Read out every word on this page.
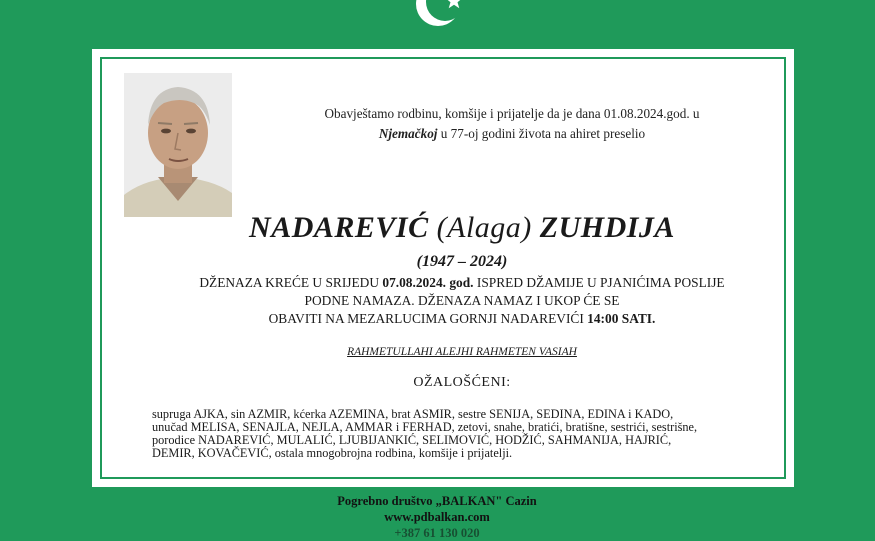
Obavještamo rodbinu, komšije i prijatelje da je dana 01.08.2024.god. u
Njemačkoj u 77-oj godini života na ahiret preselio
NADAREVIĆ (Alaga) ZUHDIJA
(1947 – 2024)
DŽENAZA KREĆE U SRIJEDU 07.08.2024. god. ISPRED DŽAMIJE U PJANIĆIMA POSLIJE
PODNE NAMAZA. DŽENAZA NAMAZ I UKOP ĆE SE
OBAVITI NA MEZARLUCIMA GORNJI NADAREVIĆI 14:00 SATI.
RAHMETULLAHI ALEJHI RAHMETEN VASIAH
OŽALOŠĆENI:
supruga AJKA, sin AZMIR, kćerka AZEMINA, brat ASMIR, sestre SENIJA, SEDINA, EDINA i KADO,
unučad MELISA, SENAJLA, NEJLA, AMMAR i FERHAD, zetovi, snahe, bratići, bratišne, sestrići, sestrišne,
porodice NADAREVIĆ, MULALIĆ, LJUBIJANKIĆ, SELIMOVIĆ, HODŽIĆ, SAHMANIJA, HAJRIĆ,
DEMIR, KOVAČEVIĆ, ostala mnogobrojna rodbina, komšije i prijatelji.
Pogrebno društvo „BALKAN" Cazin
www.pdbalkan.com
+387 61 130 020
